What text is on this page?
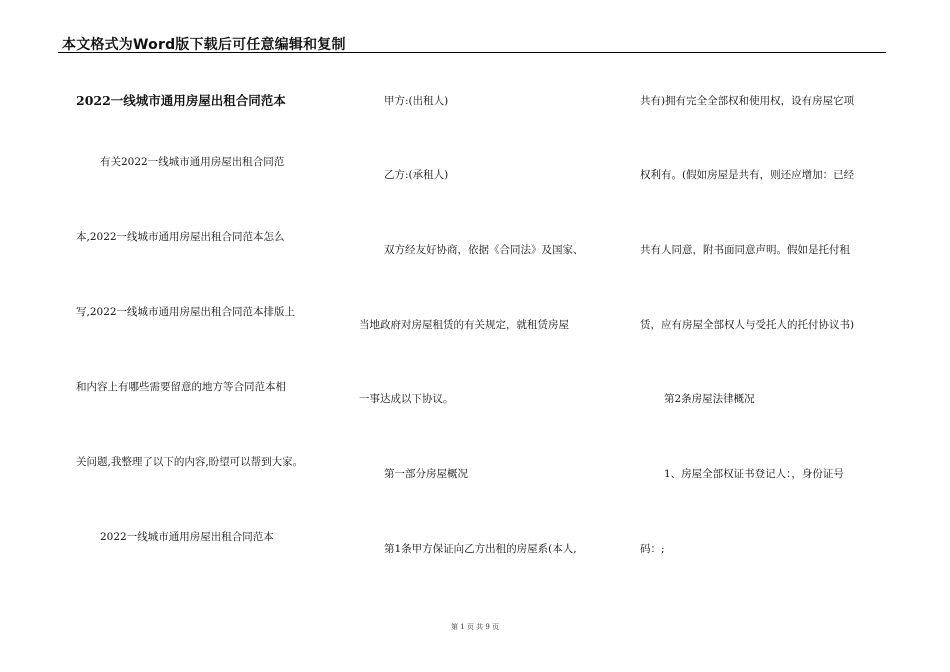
本文格式为Word版下载后可任意编辑和复制
2022一线城市通用房屋出租合同范本
有关2022一线城市通用房屋出租合同范
本,2022一线城市通用房屋出租合同范本怎么
写,2022一线城市通用房屋出租合同范本排版上
和内容上有哪些需要留意的地方等合同范本相
关问题,我整理了以下的内容,盼望可以帮到大家。
2022一线城市通用房屋出租合同范本
甲方:(出租人)
乙方:(承租人)
双方经友好协商，依据《合同法》及国家、
当地政府对房屋租赁的有关规定，就租赁房屋
一事达成以下协议。
第一部分房屋概况
第1条甲方保证向乙方出租的房屋系(本人,
共有)拥有完全全部权和使用权，设有房屋它项
权利有。(假如房屋是共有，则还应增加：已经
共有人同意，附书面同意声明。假如是托付租
赁，应有房屋全部权人与受托人的托付协议书)
第2条房屋法律概况
1、房屋全部权证书登记人：，身份证号
码：;
第 1 页 共 9 页
